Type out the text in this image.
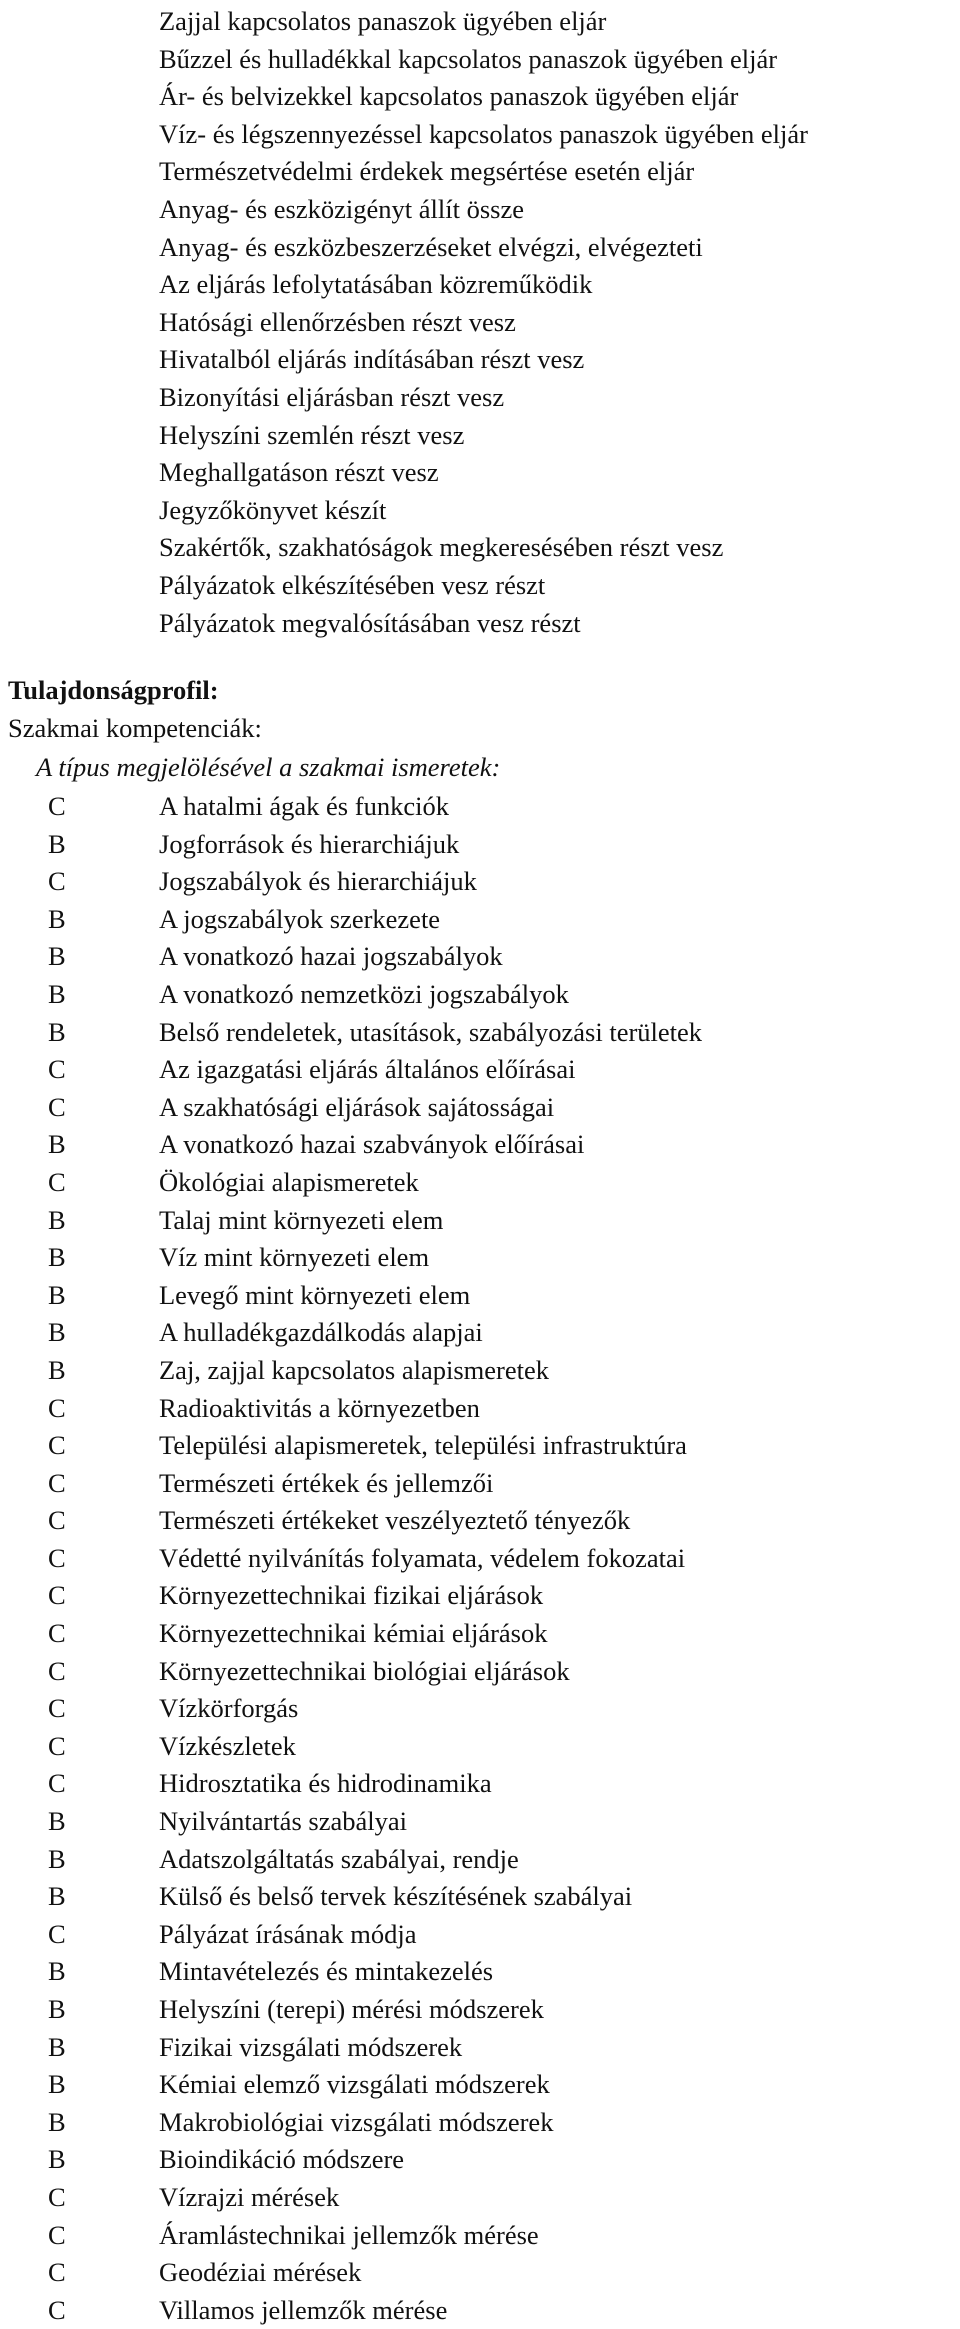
Zajjal kapcsolatos panaszok ügyében eljár
Bűzzel és hulladékkal kapcsolatos panaszok ügyében eljár
Ár- és belvizekkel kapcsolatos panaszok ügyében eljár
Víz- és légszennyezéssel kapcsolatos panaszok ügyében eljár
Természetvédelmi érdekek megsértése esetén eljár
Anyag- és eszközigényt állít össze
Anyag- és eszközbeszerzéseket elvégzi, elvégezteti
Az eljárás lefolytatásában közreműködik
Hatósági ellenőrzésben részt vesz
Hivatalból eljárás indításában részt vesz
Bizonyítási eljárásban részt vesz
Helyszíni szemlén részt vesz
Meghallgatáson részt vesz
Jegyzőkönyvet készít
Szakértők, szakhatóságok megkeresésében részt vesz
Pályázatok elkészítésében vesz részt
Pályázatok megvalósításában vesz részt
Tulajdonságprofil:
Szakmai kompetenciák:
A típus megjelölésével a szakmai ismeretek:
C	A hatalmi ágak és funkciók
B	Jogforrások és hierarchiájuk
C	Jogszabályok és hierarchiájuk
B	A jogszabályok szerkezete
B	A vonatkozó hazai jogszabályok
B	A vonatkozó nemzetközi jogszabályok
B	Belső rendeletek, utasítások, szabályozási területek
C	Az igazgatási eljárás általános előírásai
C	A szakhatósági eljárások sajátosságai
B	A vonatkozó hazai szabványok előírásai
C	Ökológiai alapismeretek
B	Talaj mint környezeti elem
B	Víz mint környezeti elem
B	Levegő mint környezeti elem
B	A hulladékgazdálkodás alapjai
B	Zaj, zajjal kapcsolatos alapismeretek
C	Radioaktivitás a környezetben
C	Települési alapismeretek, települési infrastruktúra
C	Természeti értékek és jellemzői
C	Természeti értékeket veszélyeztető tényezők
C	Védetté nyilvánítás folyamata, védelem fokozatai
C	Környezettechnikai fizikai eljárások
C	Környezettechnikai kémiai eljárások
C	Környezettechnikai biológiai eljárások
C	Vízkörforgás
C	Vízkészletek
C	Hidrosztatika és hidrodinamika
B	Nyilvántartás szabályai
B	Adatszolgáltatás szabályai, rendje
B	Külső és belső tervek készítésének szabályai
C	Pályázat írásának módja
B	Mintavételezés és mintakezelés
B	Helyszíni (terepi) mérési módszerek
B	Fizikai vizsgálati módszerek
B	Kémiai elemző vizsgálati módszerek
B	Makrobiológiai vizsgálati módszerek
B	Bioindikáció módszere
C	Vízrajzi mérések
C	Áramlástechnikai jellemzők mérése
C	Geodéziai mérések
C	Villamos jellemzők mérése
